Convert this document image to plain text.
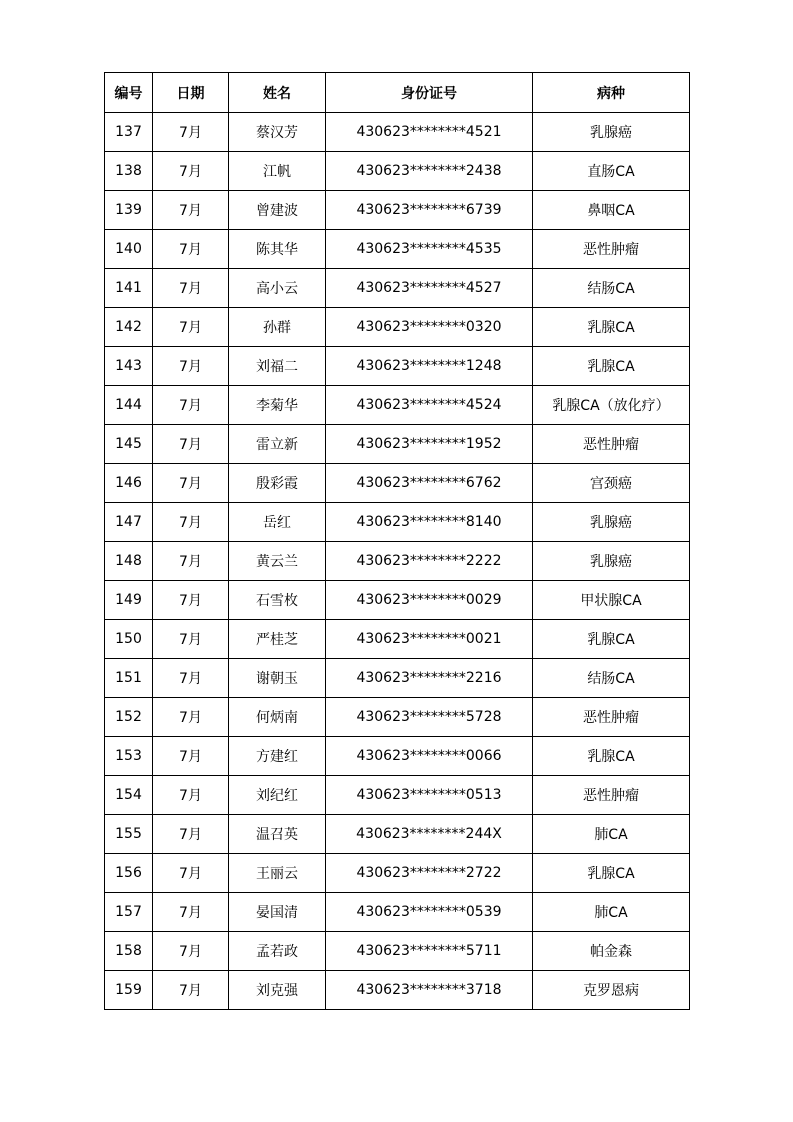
编号	日期	姓名	身份证号	病种
137	7月	蔡汉芳	430623********4521	乳腺癌
138	7月	江帆	430623********2438	直肠CA
139	7月	曾建波	430623********6739	鼻咽CA
140	7月	陈其华	430623********4535	恶性肿瘤
141	7月	高小云	430623********4527	结肠CA
142	7月	孙群	430623********0320	乳腺CA
143	7月	刘福二	430623********1248	乳腺CA
144	7月	李菊华	430623********4524	乳腺CA（放化疗）
145	7月	雷立新	430623********1952	恶性肿瘤
146	7月	殷彩霞	430623********6762	宫颈癌
147	7月	岳红	430623********8140	乳腺癌
148	7月	黄云兰	430623********2222	乳腺癌
149	7月	石雪枚	430623********0029	甲状腺CA
150	7月	严桂芝	430623********0021	乳腺CA
151	7月	谢朝玉	430623********2216	结肠CA
152	7月	何炳南	430623********5728	恶性肿瘤
153	7月	方建红	430623********0066	乳腺CA
154	7月	刘纪红	430623********0513	恶性肿瘤
155	7月	温召英	430623********244X	肺CA
156	7月	王丽云	430623********2722	乳腺CA
157	7月	晏国清	430623********0539	肺CA
158	7月	孟若政	430623********5711	帕金森
159	7月	刘克强	430623********3718	克罗恩病
